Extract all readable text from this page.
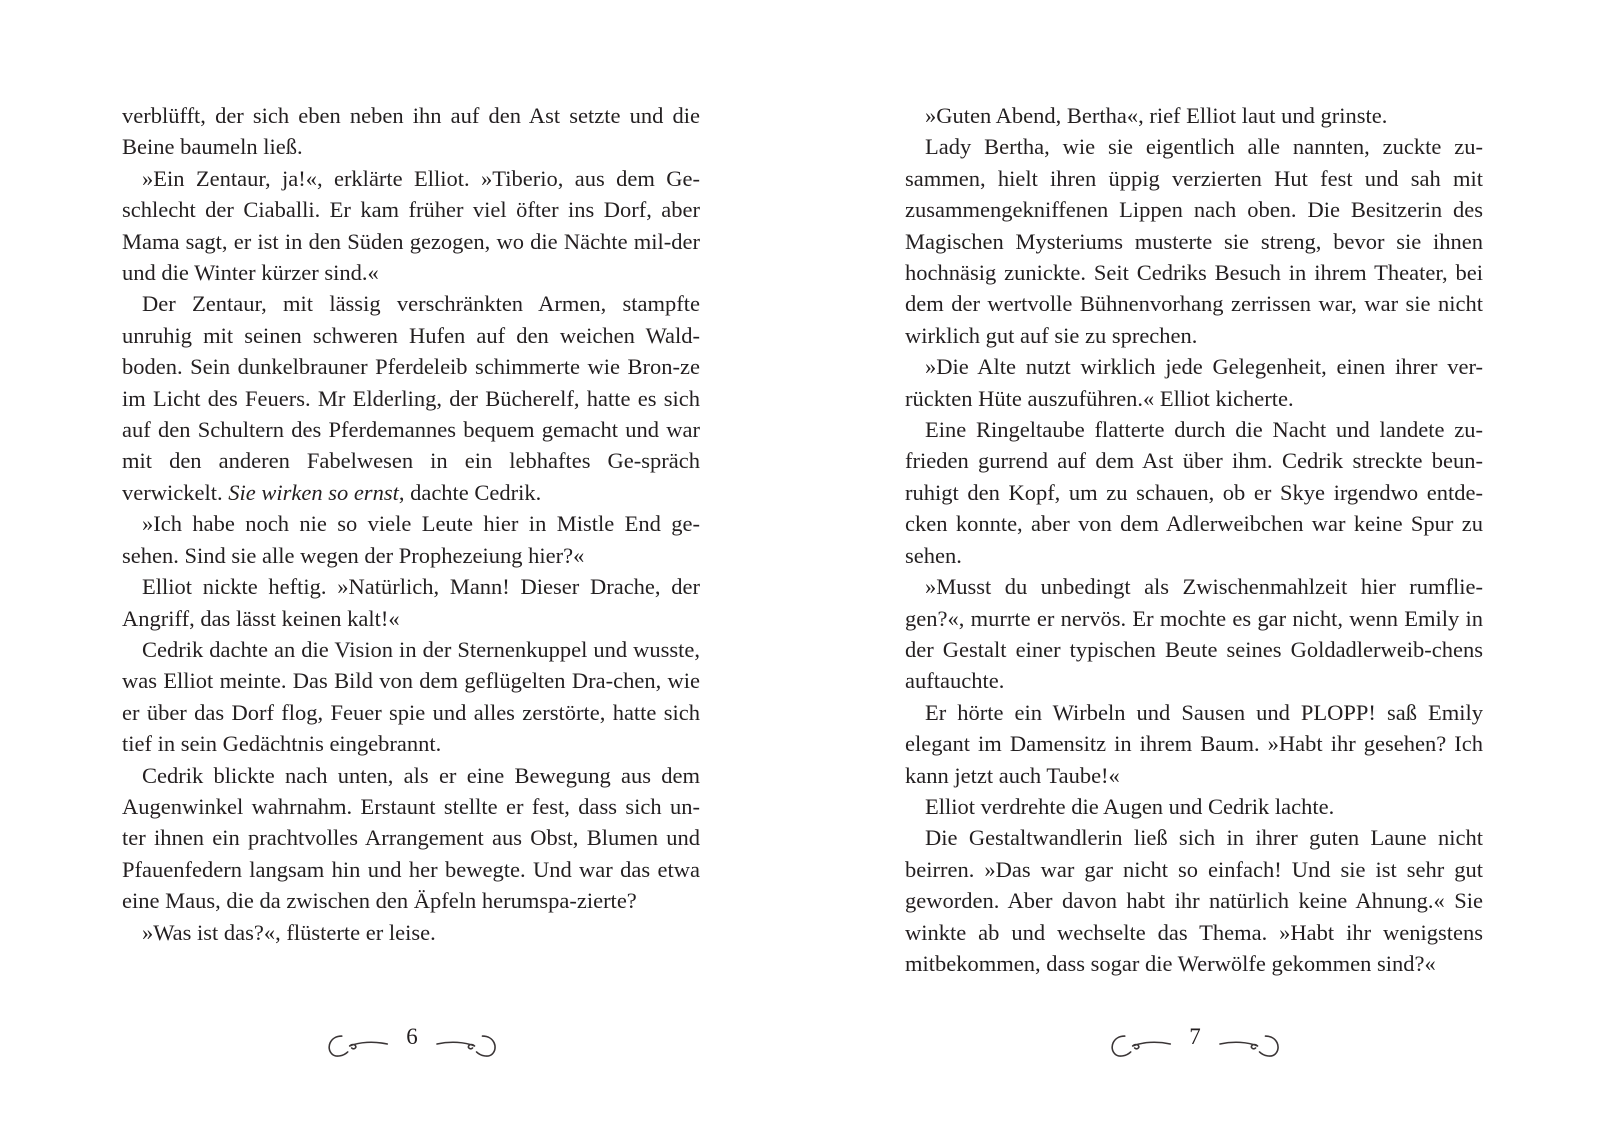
verblüfft, der sich eben neben ihn auf den Ast setzte und die Beine baumeln ließ.

»Ein Zentaur, ja!«, erklärte Elliot. »Tiberio, aus dem Ge-schlecht der Ciaballi. Er kam früher viel öfter ins Dorf, aber Mama sagt, er ist in den Süden gezogen, wo die Nächte mil-der und die Winter kürzer sind.«

Der Zentaur, mit lässig verschränkten Armen, stampfte unruhig mit seinen schweren Hufen auf den weichen Wald-boden. Sein dunkelbrauner Pferdeleib schimmerte wie Bron-ze im Licht des Feuers. Mr Elderling, der Bücherelf, hatte es sich auf den Schultern des Pferdemannes bequem gemacht und war mit den anderen Fabelwesen in ein lebhaftes Ge-spräch verwickelt. Sie wirken so ernst, dachte Cedrik.

»Ich habe noch nie so viele Leute hier in Mistle End ge-sehen. Sind sie alle wegen der Prophezeiung hier?«

Elliot nickte heftig. »Natürlich, Mann! Dieser Drache, der Angriff, das lässt keinen kalt!«

Cedrik dachte an die Vision in der Sternenkuppel und wusste, was Elliot meinte. Das Bild von dem geflügelten Dra-chen, wie er über das Dorf flog, Feuer spie und alles zerstörte, hatte sich tief in sein Gedächtnis eingebrannt.

Cedrik blickte nach unten, als er eine Bewegung aus dem Augenwinkel wahrnahm. Erstaunt stellte er fest, dass sich un-ter ihnen ein prachtvolles Arrangement aus Obst, Blumen und Pfauenfedern langsam hin und her bewegte. Und war das etwa eine Maus, die da zwischen den Äpfeln herumspa-zierte?

»Was ist das?«, flüsterte er leise.

6

»Guten Abend, Bertha«, rief Elliot laut und grinste.

Lady Bertha, wie sie eigentlich alle nannten, zuckte zu-sammen, hielt ihren üppig verzierten Hut fest und sah mit zusammengekniffenen Lippen nach oben. Die Besitzerin des Magischen Mysteriums musterte sie streng, bevor sie ihnen hochnäsig zunickte. Seit Cedriks Besuch in ihrem Theater, bei dem der wertvolle Bühnenvorhang zerrissen war, war sie nicht wirklich gut auf sie zu sprechen.

»Die Alte nutzt wirklich jede Gelegenheit, einen ihrer ver-rückten Hüte auszuführen.« Elliot kicherte.

Eine Ringeltaube flatterte durch die Nacht und landete zu-frieden gurrend auf dem Ast über ihm. Cedrik streckte beun-ruhigt den Kopf, um zu schauen, ob er Skye irgendwo entde-cken konnte, aber von dem Adlerweibchen war keine Spur zu sehen.

»Musst du unbedingt als Zwischenmahlzeit hier rumflie-gen?«, murrte er nervös. Er mochte es gar nicht, wenn Emily in der Gestalt einer typischen Beute seines Goldadlerweib-chens auftauchte.

Er hörte ein Wirbeln und Sausen und PLOPP! saß Emily elegant im Damensitz in ihrem Baum. »Habt ihr gesehen? Ich kann jetzt auch Taube!«

Elliot verdrehte die Augen und Cedrik lachte.

Die Gestaltwandlerin ließ sich in ihrer guten Laune nicht beirren. »Das war gar nicht so einfach! Und sie ist sehr gut geworden. Aber davon habt ihr natürlich keine Ahnung.« Sie winkte ab und wechselte das Thema. »Habt ihr wenigstens mitbekommen, dass sogar die Werwölfe gekommen sind?«

7
